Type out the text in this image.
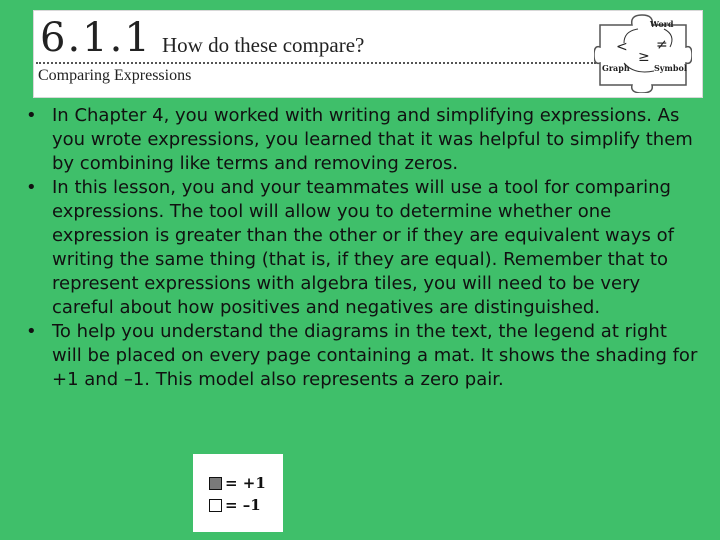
6.1.1 How do these compare?
Comparing Expressions
Word
< ≠
≥
Graph	Symbol
• In Chapter 4, you worked with writing and simplifying expressions. As you wrote expressions, you learned that it was helpful to simplify them by combining like terms and removing zeros.
• In this lesson, you and your teammates will use a tool for comparing expressions. The tool will allow you to determine whether one expression is greater than the other or if they are equivalent ways of writing the same thing (that is, if they are equal). Remember that to represent expressions with algebra tiles, you will need to be very careful about how positives and negatives are distinguished.
• To help you understand the diagrams in the text, the legend at right will be placed on every page containing a mat. It shows the shading for +1 and –1. This model also represents a zero pair.
= +1
= –1
